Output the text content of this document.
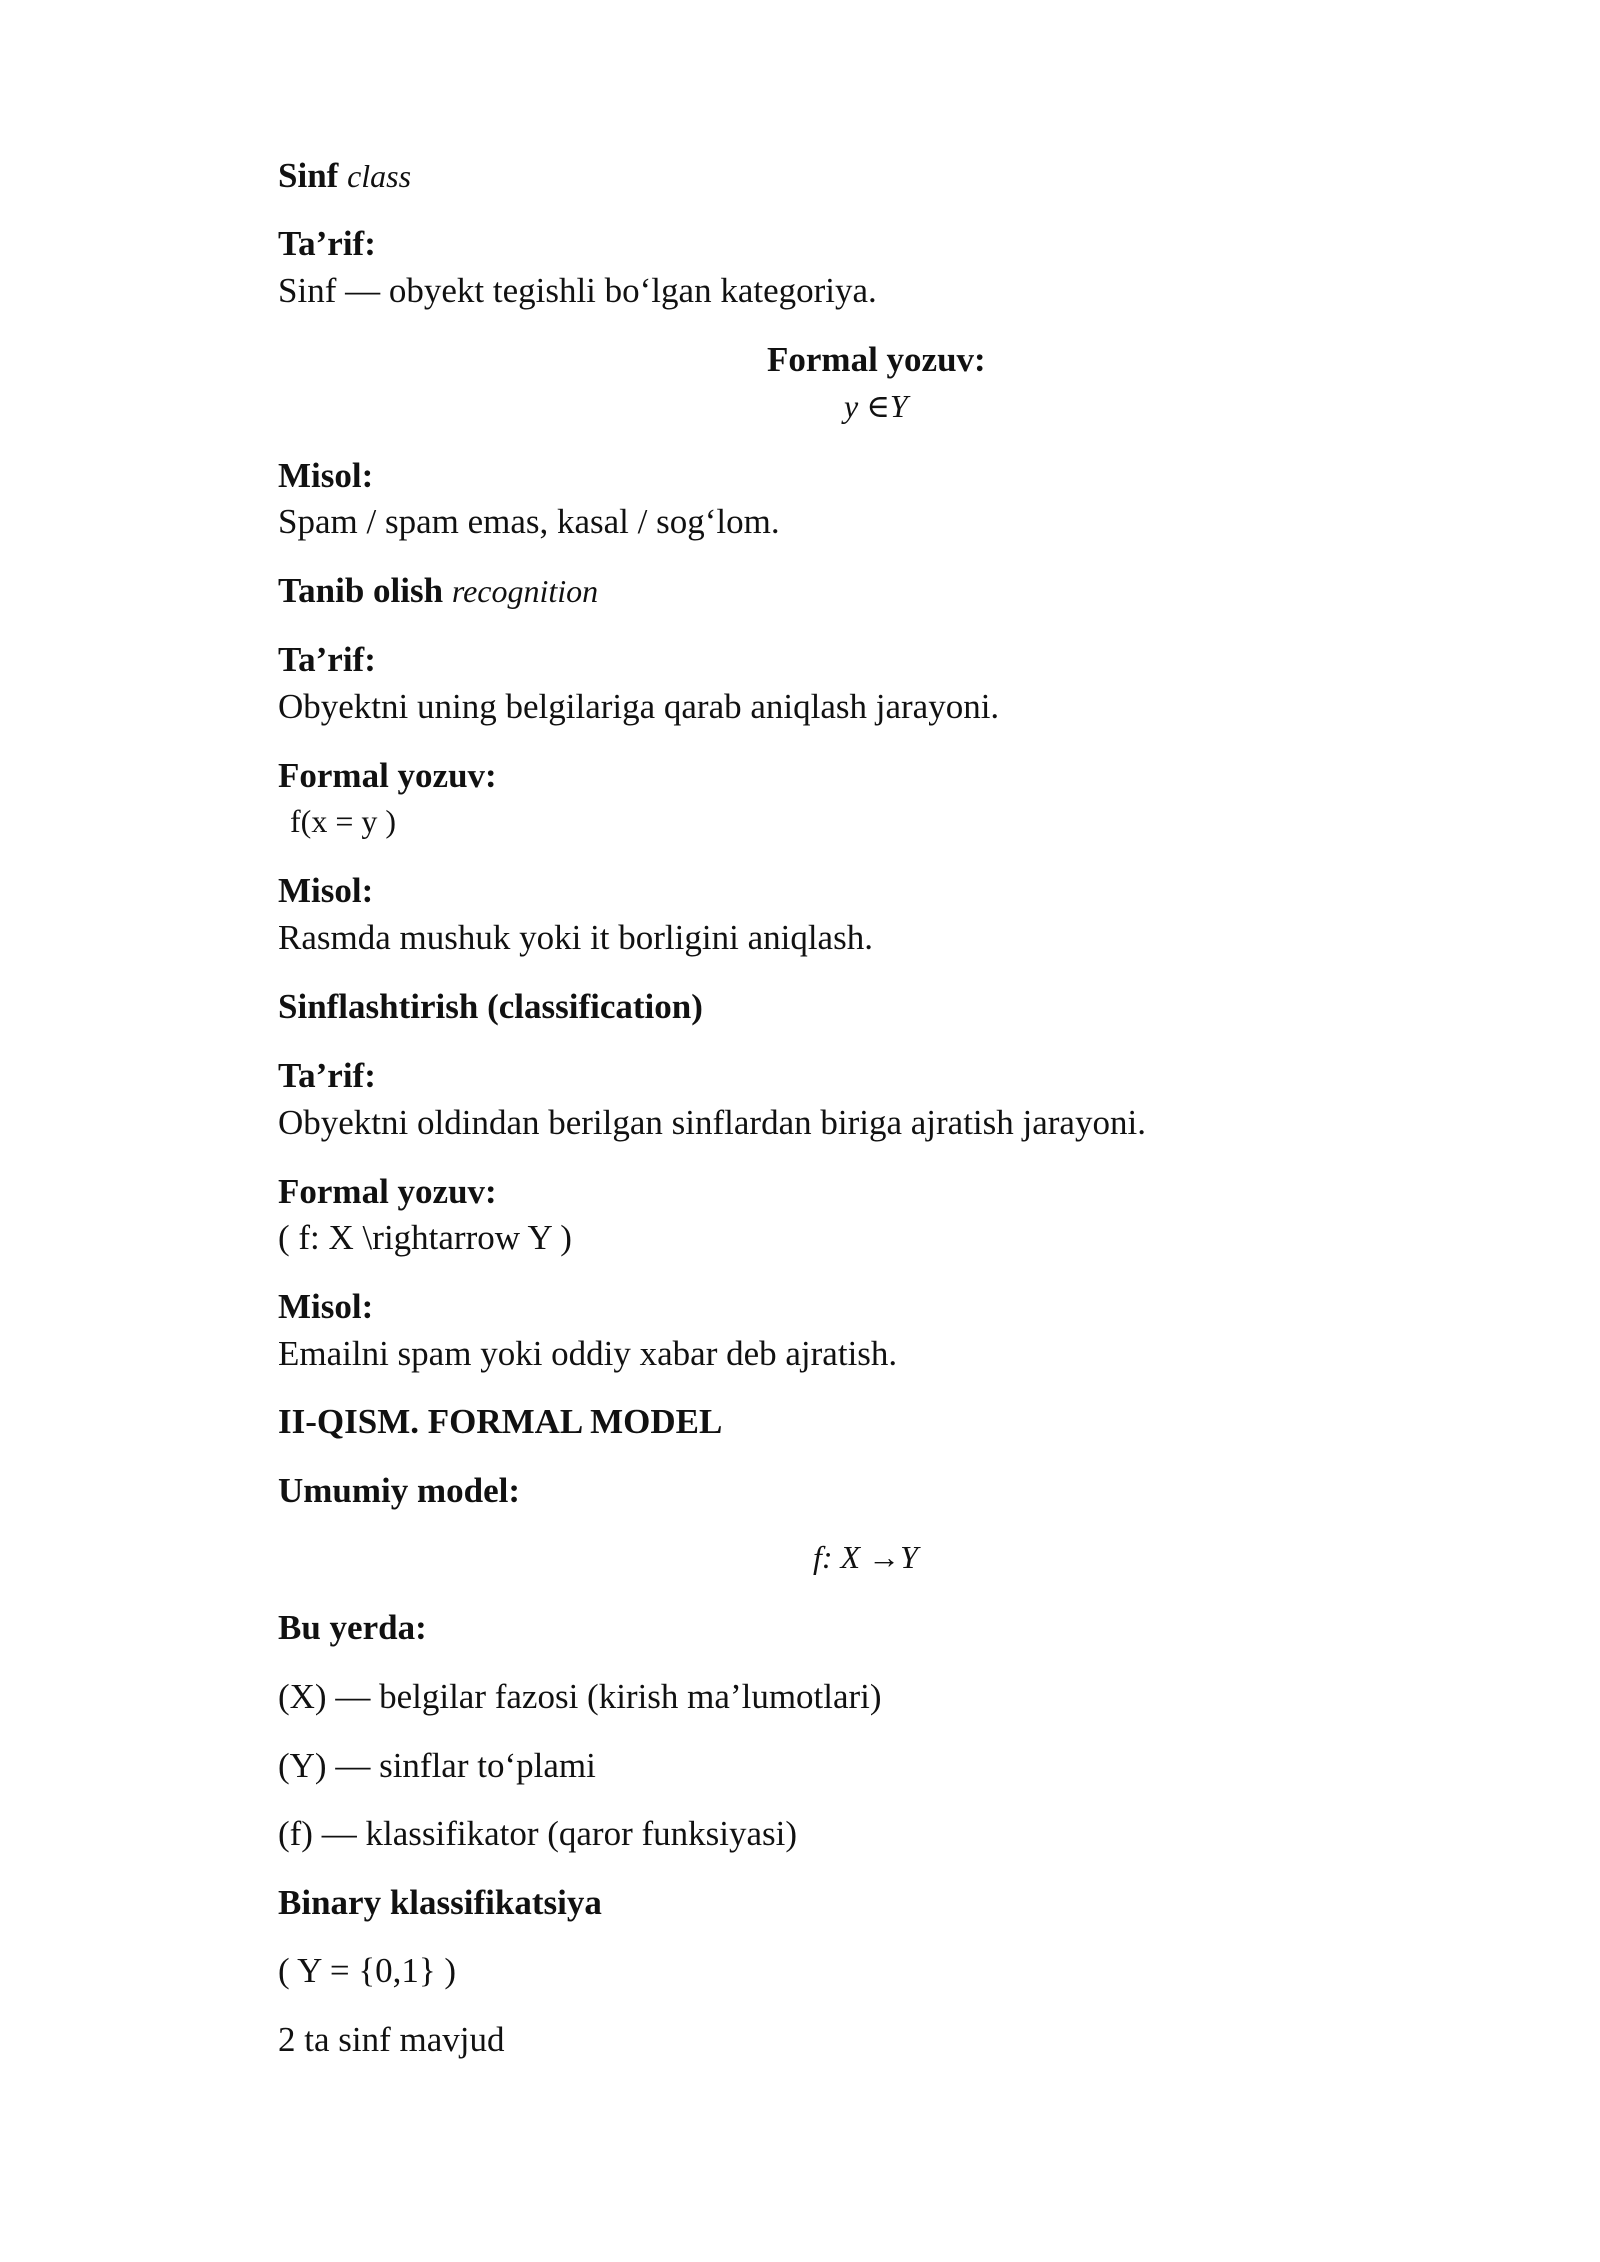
Sinf class
Ta’rif:
Sinf — obyekt tegishli bo‘lgan kategoriya.
Formal yozuv:
y ∈Y
Misol:
Spam / spam emas, kasal / sog‘lom.
Tanib olish recognition
Ta’rif:
Obyektni uning belgilariga qarab aniqlash jarayoni.
Formal yozuv:
f(x = y )
Misol:
Rasmda mushuk yoki it borligini aniqlash.
Sinflashtirish (classification)
Ta’rif:
Obyektni oldindan berilgan sinflardan biriga ajratish jarayoni.
Formal yozuv:
( f: X \rightarrow Y )
Misol:
Emailni spam yoki oddiy xabar deb ajratish.
II-QISM. FORMAL MODEL
Umumiy model:
f: X →Y
Bu yerda:
(X) — belgilar fazosi (kirish ma’lumotlari)
(Y) — sinflar to‘plami
(f) — klassifikator (qaror funksiyasi)
Binary klassifikatsiya
( Y = {0,1} )
2 ta sinf mavjud
